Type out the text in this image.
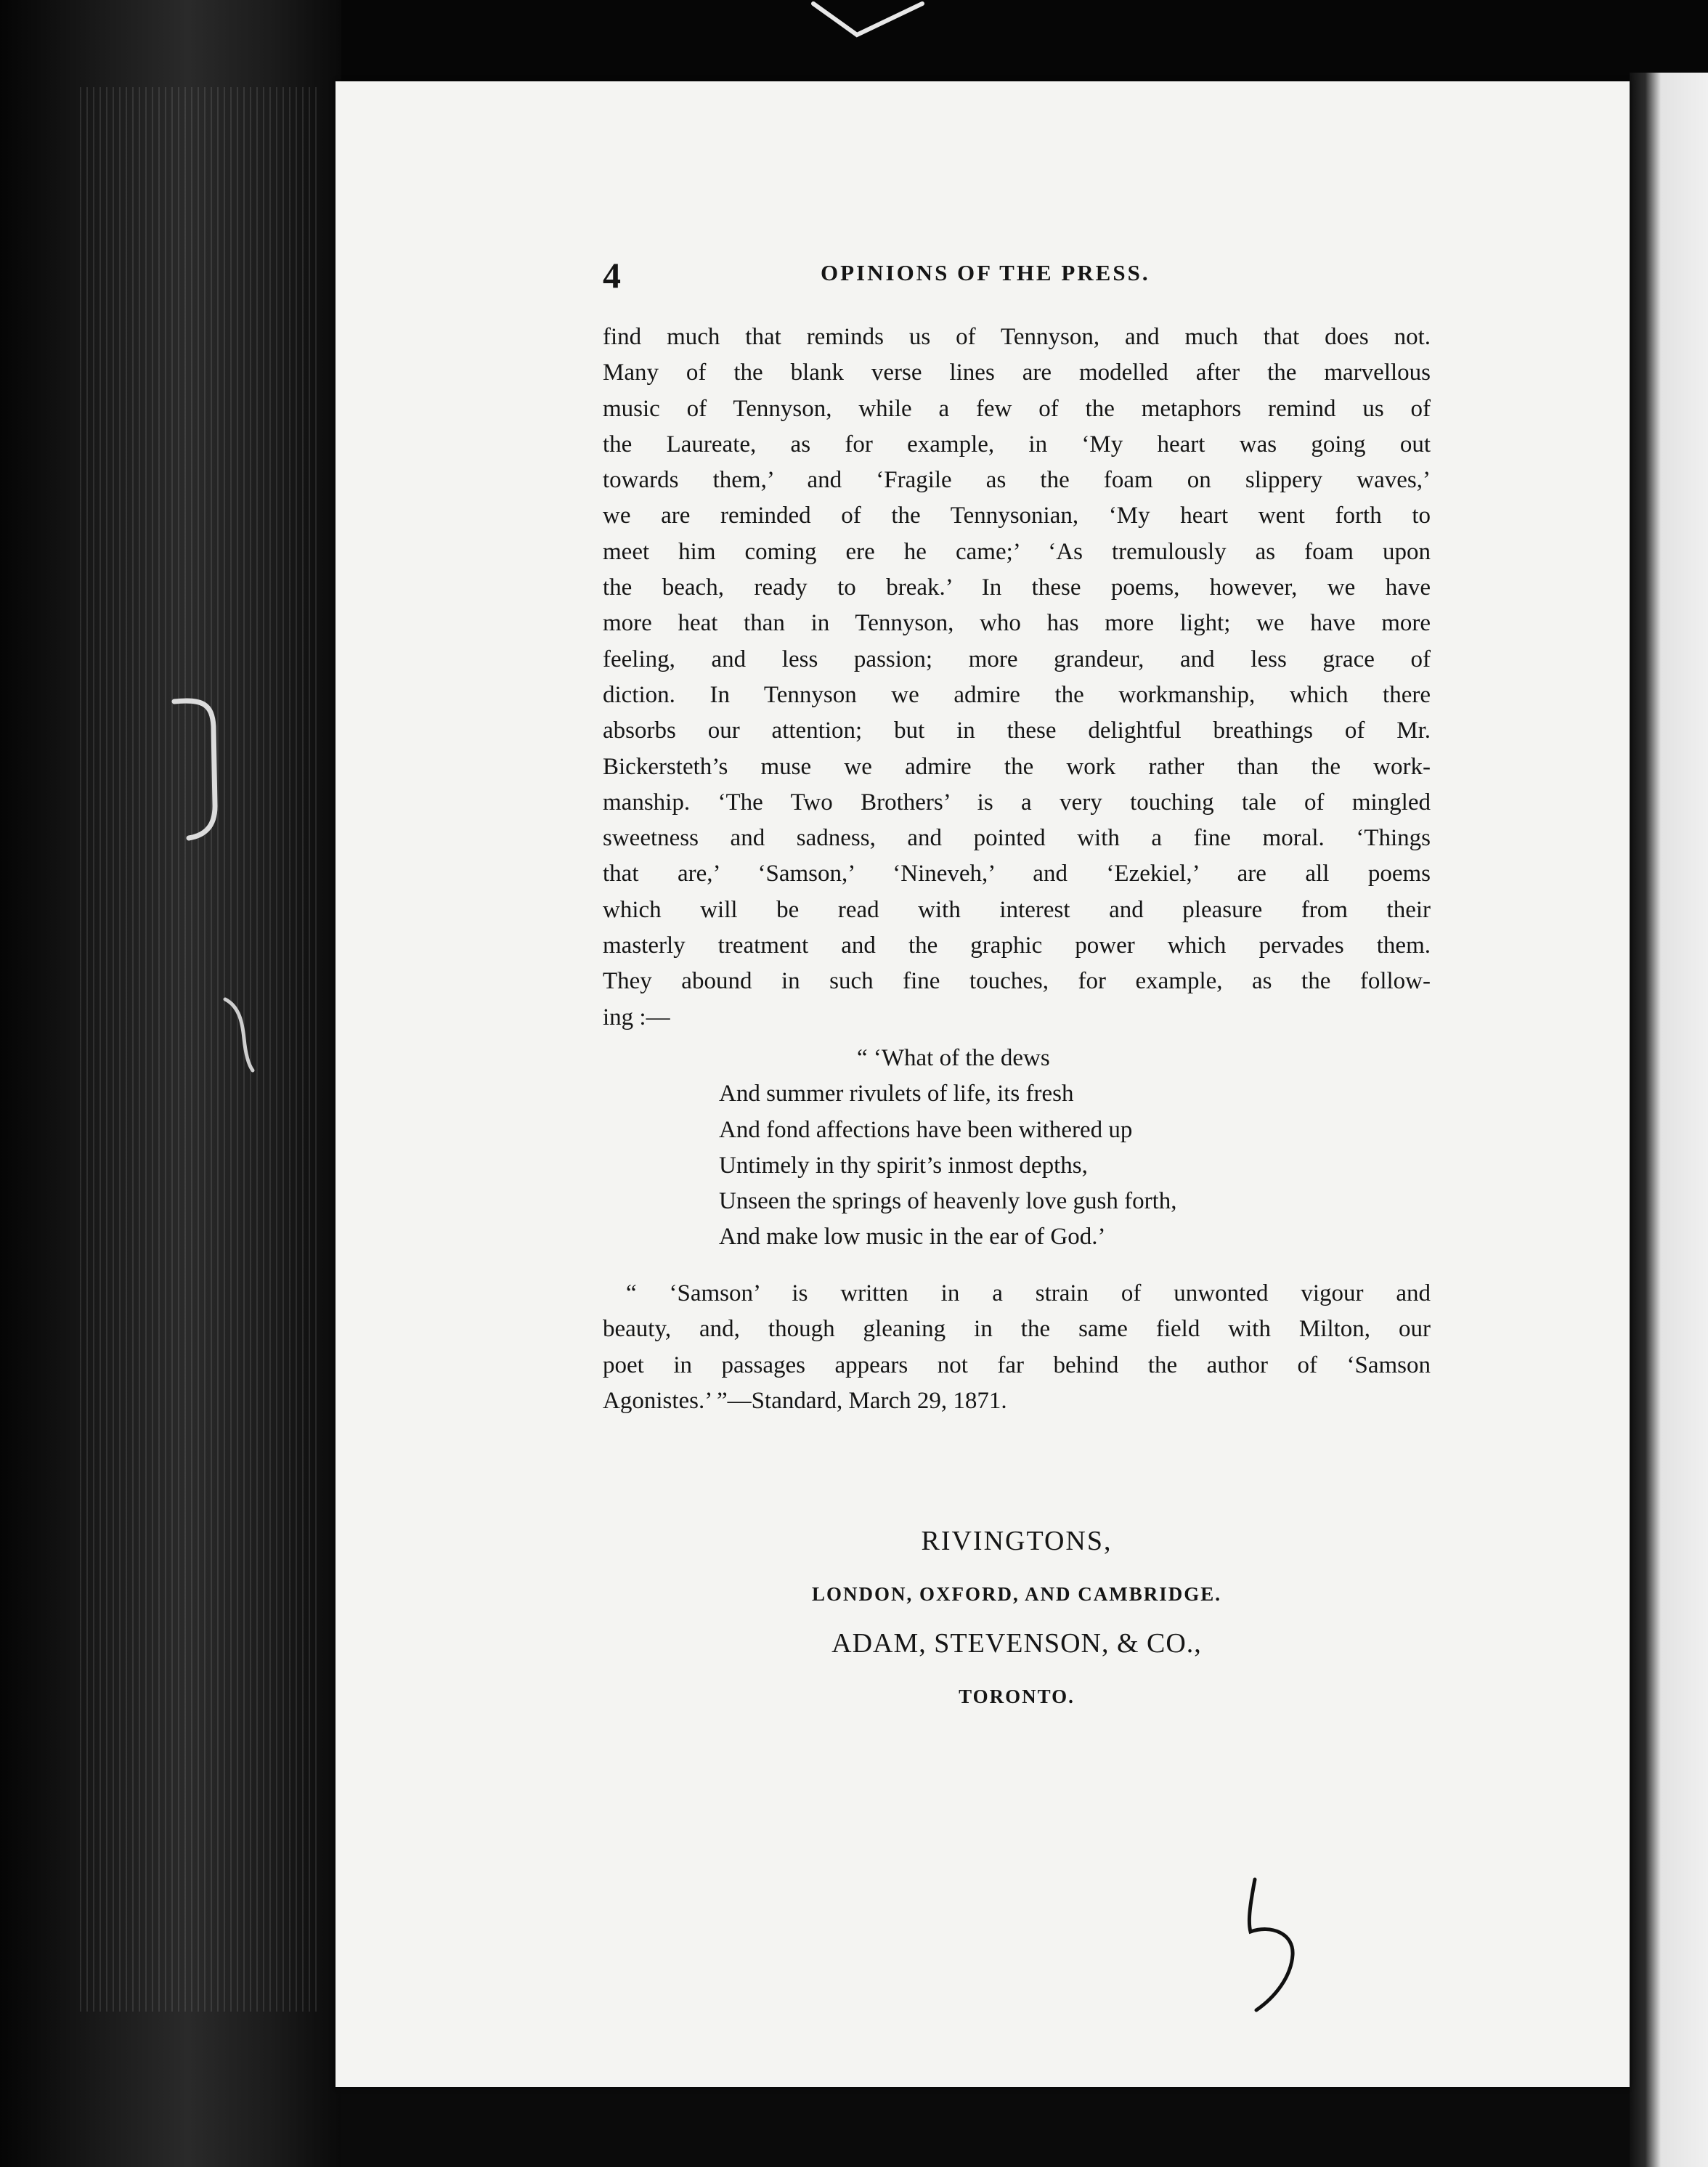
4	OPINIONS OF THE PRESS.
find much that reminds us of Tennyson, and much that does not.
Many of the blank verse lines are modelled after the marvellous
music of Tennyson, while a few of the metaphors remind us of
the Laureate, as for example, in ‘My heart was going out
towards them,’ and ‘Fragile as the foam on slippery waves,’
we are reminded of the Tennysonian, ‘My heart went forth to
meet him coming ere he came;’ ‘As tremulously as foam upon
the beach, ready to break.’ In these poems, however, we have
more heat than in Tennyson, who has more light; we have more
feeling, and less passion; more grandeur, and less grace of
diction. In Tennyson we admire the workmanship, which there
absorbs our attention; but in these delightful breathings of Mr.
Bickersteth’s muse we admire the work rather than the work-
manship. ‘The Two Brothers’ is a very touching tale of mingled
sweetness and sadness, and pointed with a fine moral. ‘Things
that are,’ ‘Samson,’ ‘Nineveh,’ and ‘Ezekiel,’ are all poems
which will be read with interest and pleasure from their
masterly treatment and the graphic power which pervades them.
They abound in such fine touches, for example, as the follow-
ing :—
“ ‘What of the dews
And summer rivulets of life, its fresh
And fond affections have been withered up
Untimely in thy spirit’s inmost depths,
Unseen the springs of heavenly love gush forth,
And make low music in the ear of God.’
“ ‘Samson’ is written in a strain of unwonted vigour and
beauty, and, though gleaning in the same field with Milton, our
poet in passages appears not far behind the author of ‘Samson
Agonistes.’ ”—Standard, March 29, 1871.
RIVINGTONS,
LONDON, OXFORD, AND CAMBRIDGE.
ADAM, STEVENSON, & CO.,
TORONTO.
